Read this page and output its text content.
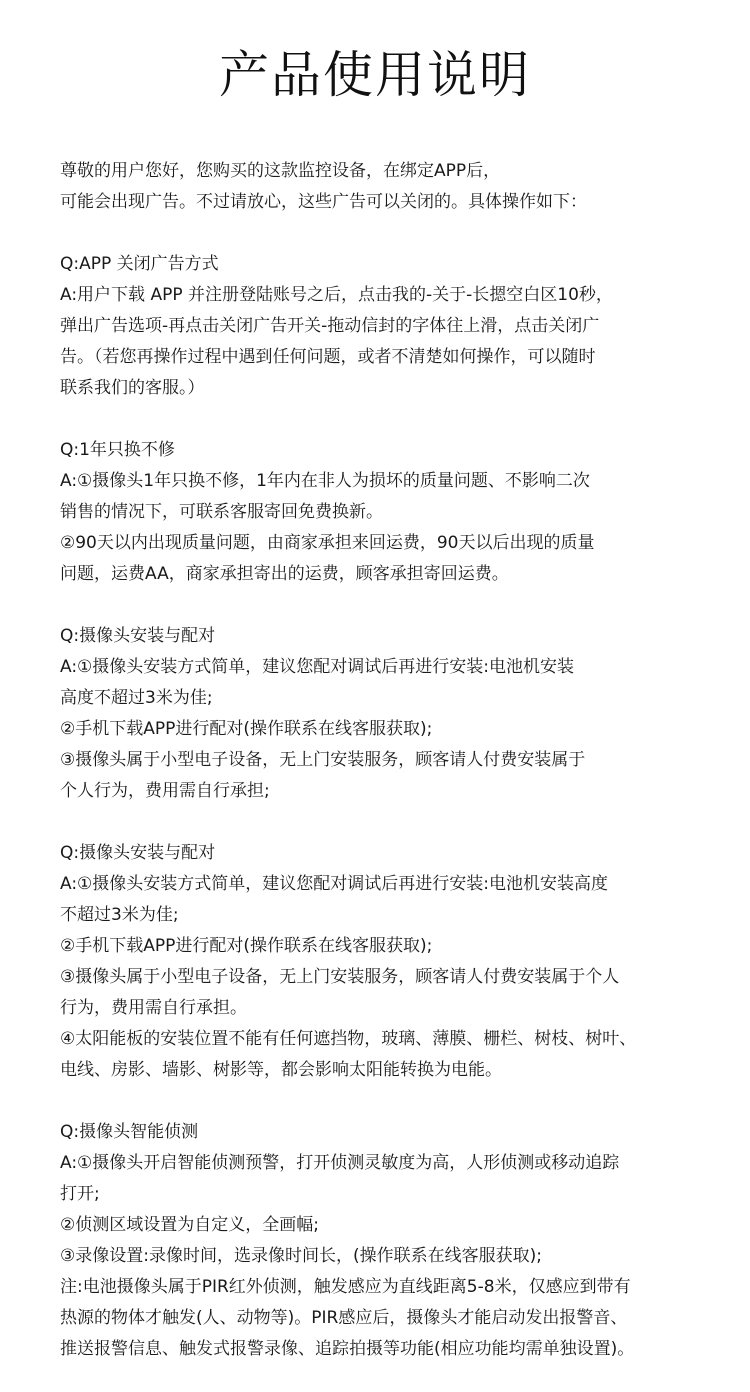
产品使用说明
尊敬的用户您好，您购买的这款监控设备，在绑定APP后，
可能会出现广告。不过请放心，这些广告可以关闭的。具体操作如下：
Q:APP 关闭广告方式
A:用户下载 APP 并注册登陆账号之后，点击我的-关于-长摁空白区10秒，
弹出广告选项-再点击关闭广告开关-拖动信封的字体往上滑，点击关闭广
告。（若您再操作过程中遇到任何问题，或者不清楚如何操作，可以随时
联系我们的客服。）
Q:1年只换不修
A:①摄像头1年只换不修，1年内在非人为损坏的质量问题、不影响二次
销售的情况下，可联系客服寄回免费换新。
②90天以内出现质量问题，由商家承担来回运费，90天以后出现的质量
问题，运费AA，商家承担寄出的运费，顾客承担寄回运费。
Q:摄像头安装与配对
A:①摄像头安装方式简单，建议您配对调试后再进行安装:电池机安装
高度不超过3米为佳;
②手机下载APP进行配对(操作联系在线客服获取);
③摄像头属于小型电子设备，无上门安装服务，顾客请人付费安装属于
个人行为，费用需自行承担;
Q:摄像头安装与配对
A:①摄像头安装方式简单，建议您配对调试后再进行安装:电池机安装高度
不超过3米为佳;
②手机下载APP进行配对(操作联系在线客服获取);
③摄像头属于小型电子设备，无上门安装服务，顾客请人付费安装属于个人
行为，费用需自行承担。
④太阳能板的安装位置不能有任何遮挡物，玻璃、薄膜、栅栏、树枝、树叶、
电线、房影、墙影、树影等，都会影响太阳能转换为电能。
Q:摄像头智能侦测
A:①摄像头开启智能侦测预警，打开侦测灵敏度为高，人形侦测或移动追踪
打开;
②侦测区域设置为自定义，全画幅;
③录像设置:录像时间，选录像时间长，(操作联系在线客服获取);
注:电池摄像头属于PIR红外侦测，触发感应为直线距离5-8米，仅感应到带有
热源的物体才触发(人、动物等)。PIR感应后，摄像头才能启动发出报警音、
推送报警信息、触发式报警录像、追踪拍摄等功能(相应功能均需单独设置)。
